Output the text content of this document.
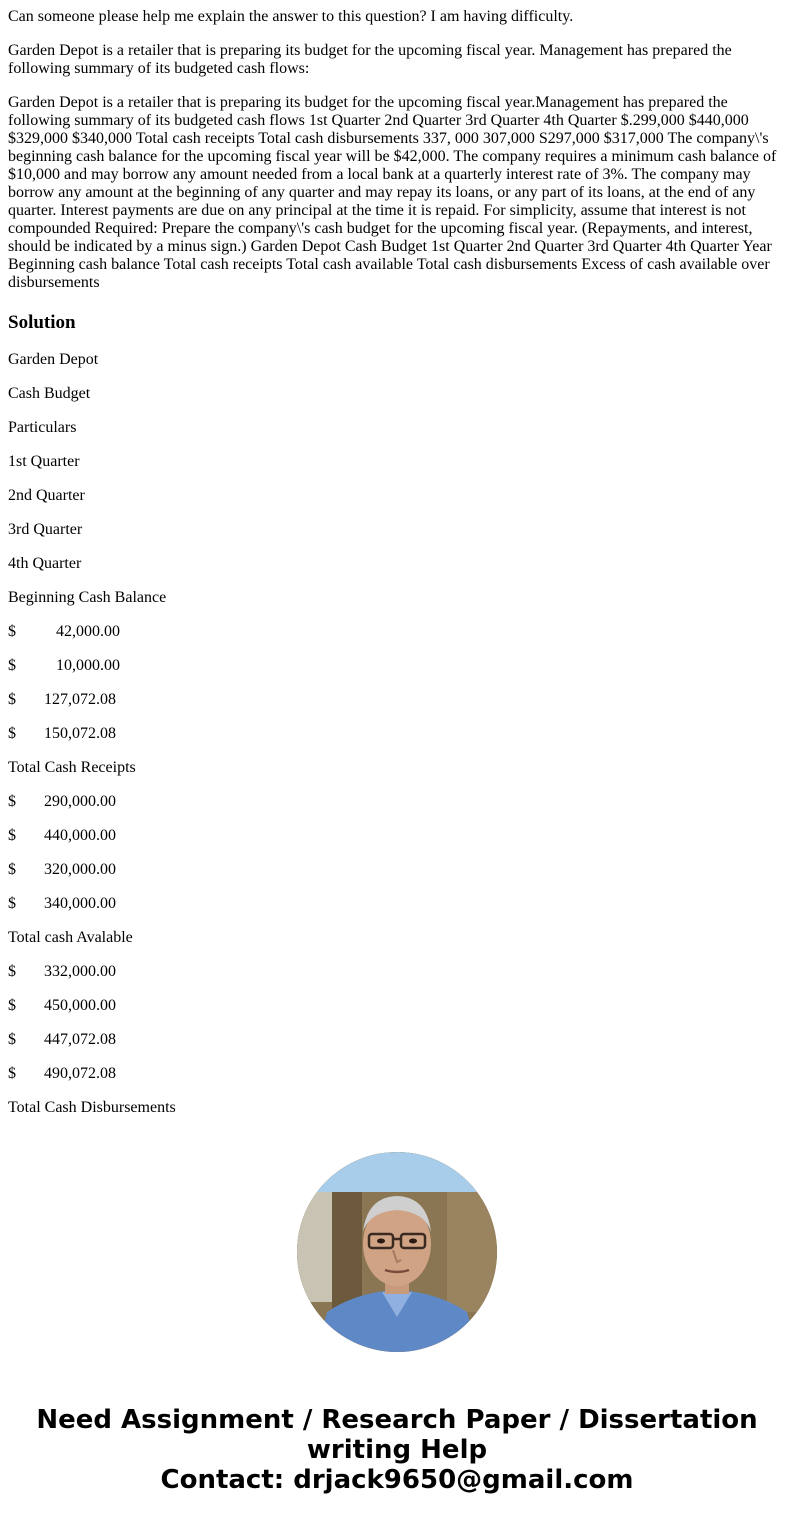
Can someone please help me explain the answer to this question? I am having difficulty.

Garden Depot is a retailer that is preparing its budget for the upcoming fiscal year. Management has prepared the following summary of its budgeted cash flows:

Garden Depot is a retailer that is preparing its budget for the upcoming fiscal year.Management has prepared the following summary of its budgeted cash flows 1st Quarter 2nd Quarter 3rd Quarter 4th Quarter $.299,000 $440,000 $329,000 $340,000 Total cash receipts Total cash disbursements 337, 000 307,000 S297,000 $317,000 The company\'s beginning cash balance for the upcoming fiscal year will be $42,000. The company requires a minimum cash balance of $10,000 and may borrow any amount needed from a local bank at a quarterly interest rate of 3%. The company may borrow any amount at the beginning of any quarter and may repay its loans, or any part of its loans, at the end of any quarter. Interest payments are due on any principal at the time it is repaid. For simplicity, assume that interest is not compounded Required: Prepare the company\'s cash budget for the upcoming fiscal year. (Repayments, and interest, should be indicated by a minus sign.) Garden Depot Cash Budget 1st Quarter 2nd Quarter 3rd Quarter 4th Quarter Year Beginning cash balance Total cash receipts Total cash available Total cash disbursements Excess of cash available over disbursements

Solution

Garden Depot

Cash Budget

Particulars

1st Quarter

2nd Quarter

3rd Quarter

4th Quarter

Beginning Cash Balance

$          42,000.00

$          10,000.00

$       127,072.08

$       150,072.08

Total Cash Receipts

$       290,000.00

$       440,000.00

$       320,000.00

$       340,000.00

Total cash Avalable

$       332,000.00

$       450,000.00

$       447,072.08

$       490,072.08

Total Cash Disbursements

Need Assignment / Research Paper / Dissertation writing Help
Contact: drjack9650@gmail.com
